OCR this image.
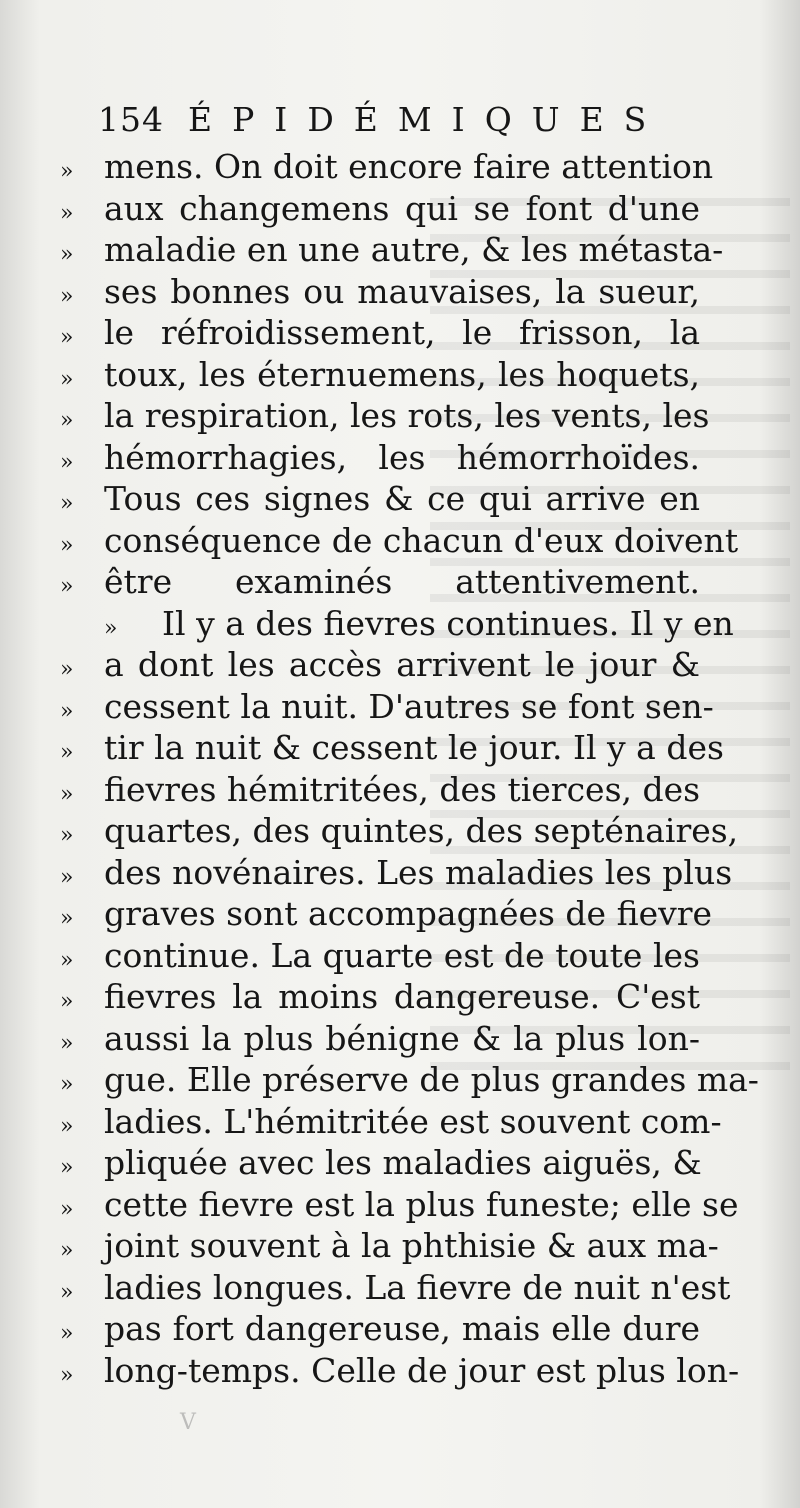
154 ÉPIDÉMIQUES
» mens. On doit encore faire attention
» aux changemens qui se font d'une
» maladie en une autre, & les métasta-
» ses bonnes ou mauvaises, la sueur,
» le réfroidissement, le frisson, la
» toux, les éternuemens, les hoquets,
» la respiration, les rots, les vents, les
» hémorrhagies, les hémorrhoïdes.
» Tous ces signes & ce qui arrive en
» conséquence de chacun d'eux doivent
» être examinés attentivement.
»	Il y a des fievres continues. Il y en
» a dont les accès arrivent le jour &
» cessent la nuit. D'autres se font sen-
» tir la nuit & cessent le jour. Il y a des
» fievres hémitritées, des tierces, des
» quartes, des quintes, des septénaires,
» des novénaires. Les maladies les plus
» graves sont accompagnées de fievre
» continue. La quarte est de toute les
» fievres la moins dangereuse. C'est
» aussi la plus bénigne & la plus lon-
» gue. Elle préserve de plus grandes ma-
» ladies. L'hémitritée est souvent com-
» pliquée avec les maladies aiguës, &
» cette fievre est la plus funeste; elle se
» joint souvent à la phthisie & aux ma-
» ladies longues. La fievre de nuit n'est
» pas fort dangereuse, mais elle dure
» long-temps. Celle de jour est plus lon-
V
